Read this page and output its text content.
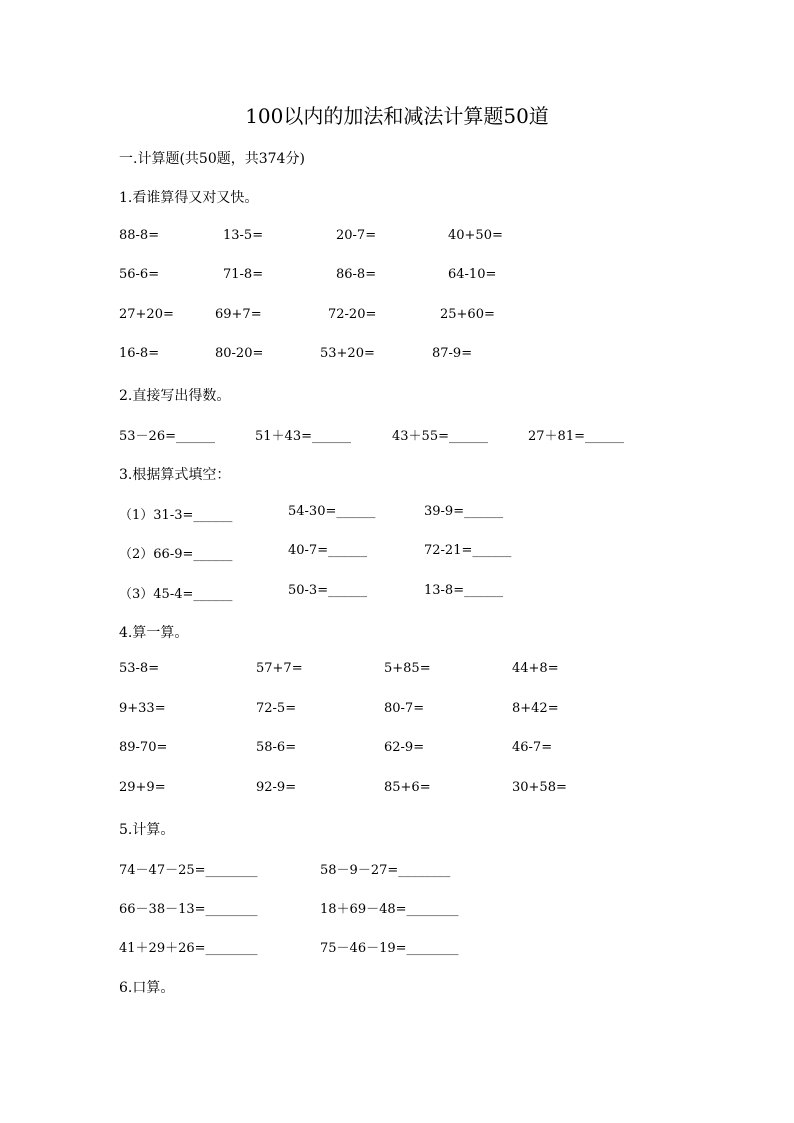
100以内的加法和减法计算题50道
一.计算题(共50题，共374分)
1.看谁算得又对又快。
88-8=	13-5=	20-7=	40+50=
56-6=	71-8=	86-8=	64-10=
27+20=	69+7=	72-20=	25+60=
16-8=	80-20=	53+20=	87-9=
2.直接写出得数。
53－26=______	51＋43=______	43＋55=______	27＋81=______
3.根据算式填空：
（1）31-3=______	54-30=______	39-9=______
（2）66-9=______	40-7=______	72-21=______
（3）45-4=______	50-3=______	13-8=______
4.算一算。
53-8=	57+7=	5+85=	44+8=
9+33=	72-5=	80-7=	8+42=
89-70=	58-6=	62-9=	46-7=
29+9=	92-9=	85+6=	30+58=
5.计算。
74－47－25=________	58－9－27=________
66－38－13=________	18＋69－48=________
41＋29＋26=________	75－46－19=________
6.口算。
